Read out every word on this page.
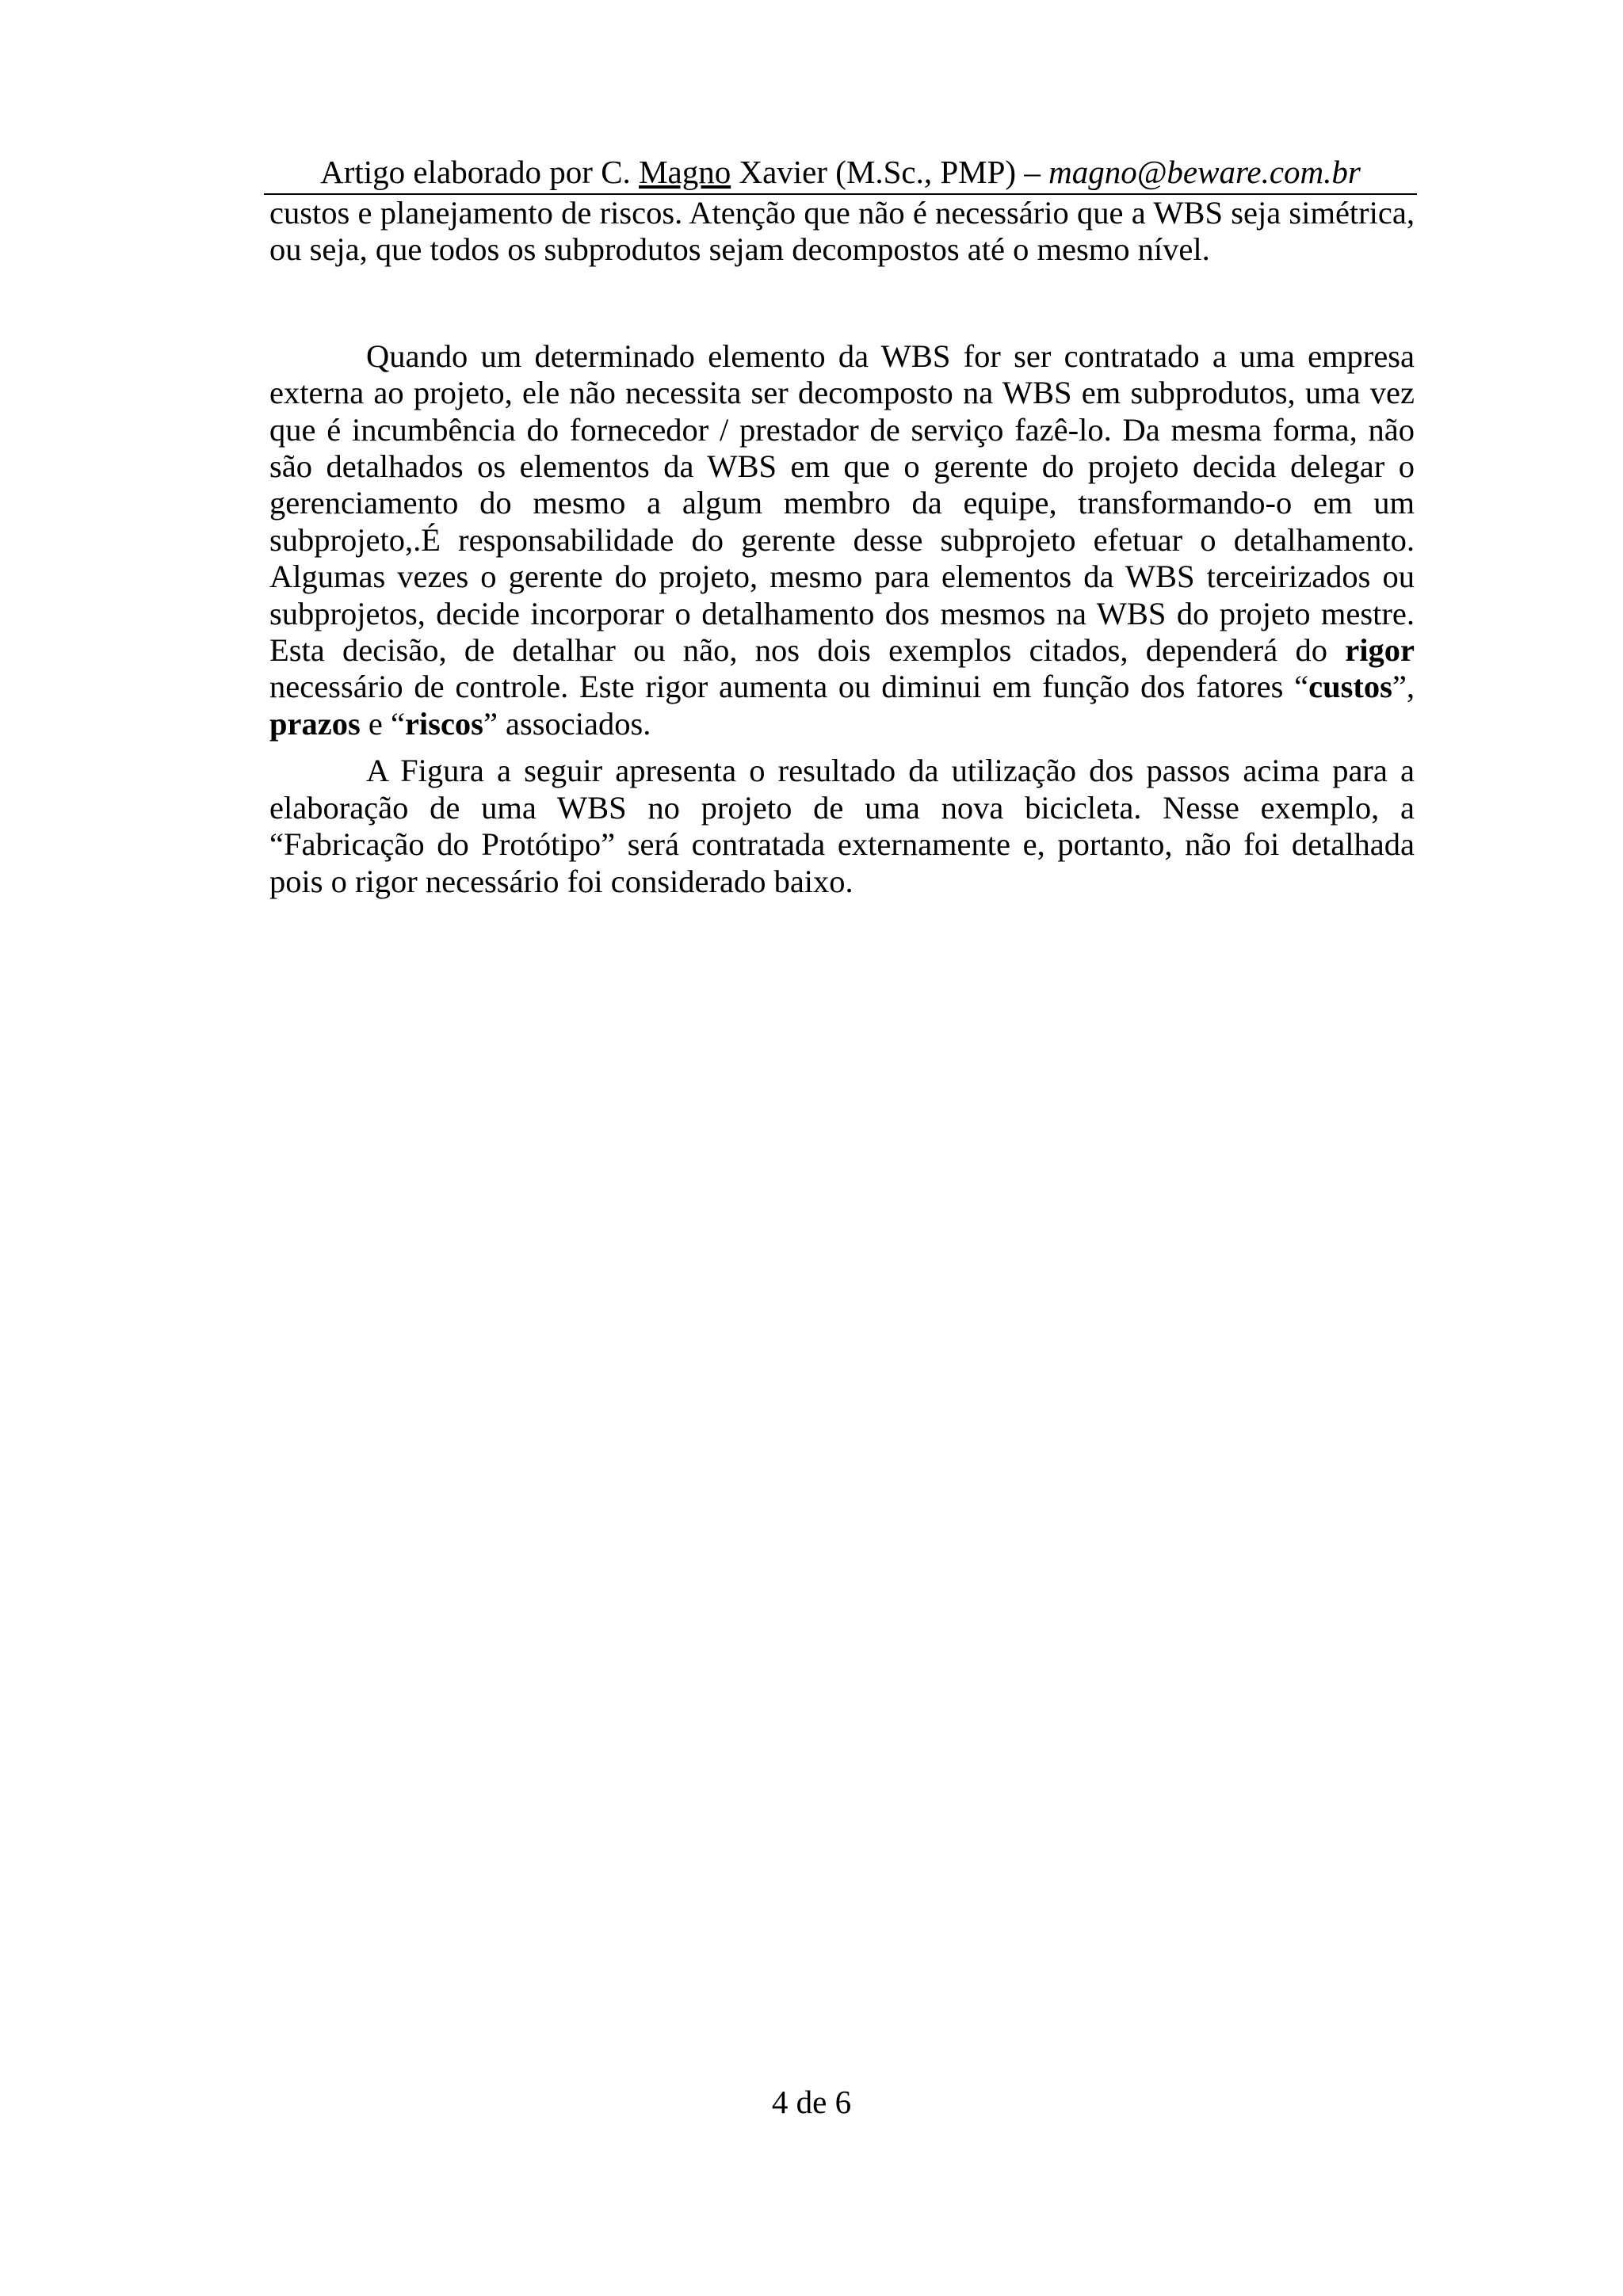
Artigo elaborado por C. Magno Xavier (M.Sc., PMP) – magno@beware.com.br

custos e planejamento de riscos. Atenção que não é necessário que a WBS seja simétrica, ou seja, que todos os subprodutos sejam decompostos até o mesmo nível.

Quando um determinado elemento da WBS for ser contratado a uma empresa externa ao projeto, ele não necessita ser decomposto na WBS em subprodutos, uma vez que é incumbência do fornecedor / prestador de serviço fazê-lo. Da mesma forma, não são detalhados os elementos da WBS em que o gerente do projeto decida delegar o gerenciamento do mesmo a algum membro da equipe, transformando-o em um subprojeto,.É responsabilidade do gerente desse subprojeto efetuar o detalhamento. Algumas vezes o gerente do projeto, mesmo para elementos da WBS terceirizados ou subprojetos, decide incorporar o detalhamento dos mesmos na WBS do projeto mestre. Esta decisão, de detalhar ou não, nos dois exemplos citados, dependerá do rigor necessário de controle. Este rigor aumenta ou diminui em função dos fatores “custos”, prazos e “riscos” associados.

A Figura a seguir apresenta o resultado da utilização dos passos acima para a elaboração de uma WBS no projeto de uma nova bicicleta. Nesse exemplo, a “Fabricação do Protótipo” será contratada externamente e, portanto, não foi detalhada pois o rigor necessário foi considerado baixo.

4 de 6
